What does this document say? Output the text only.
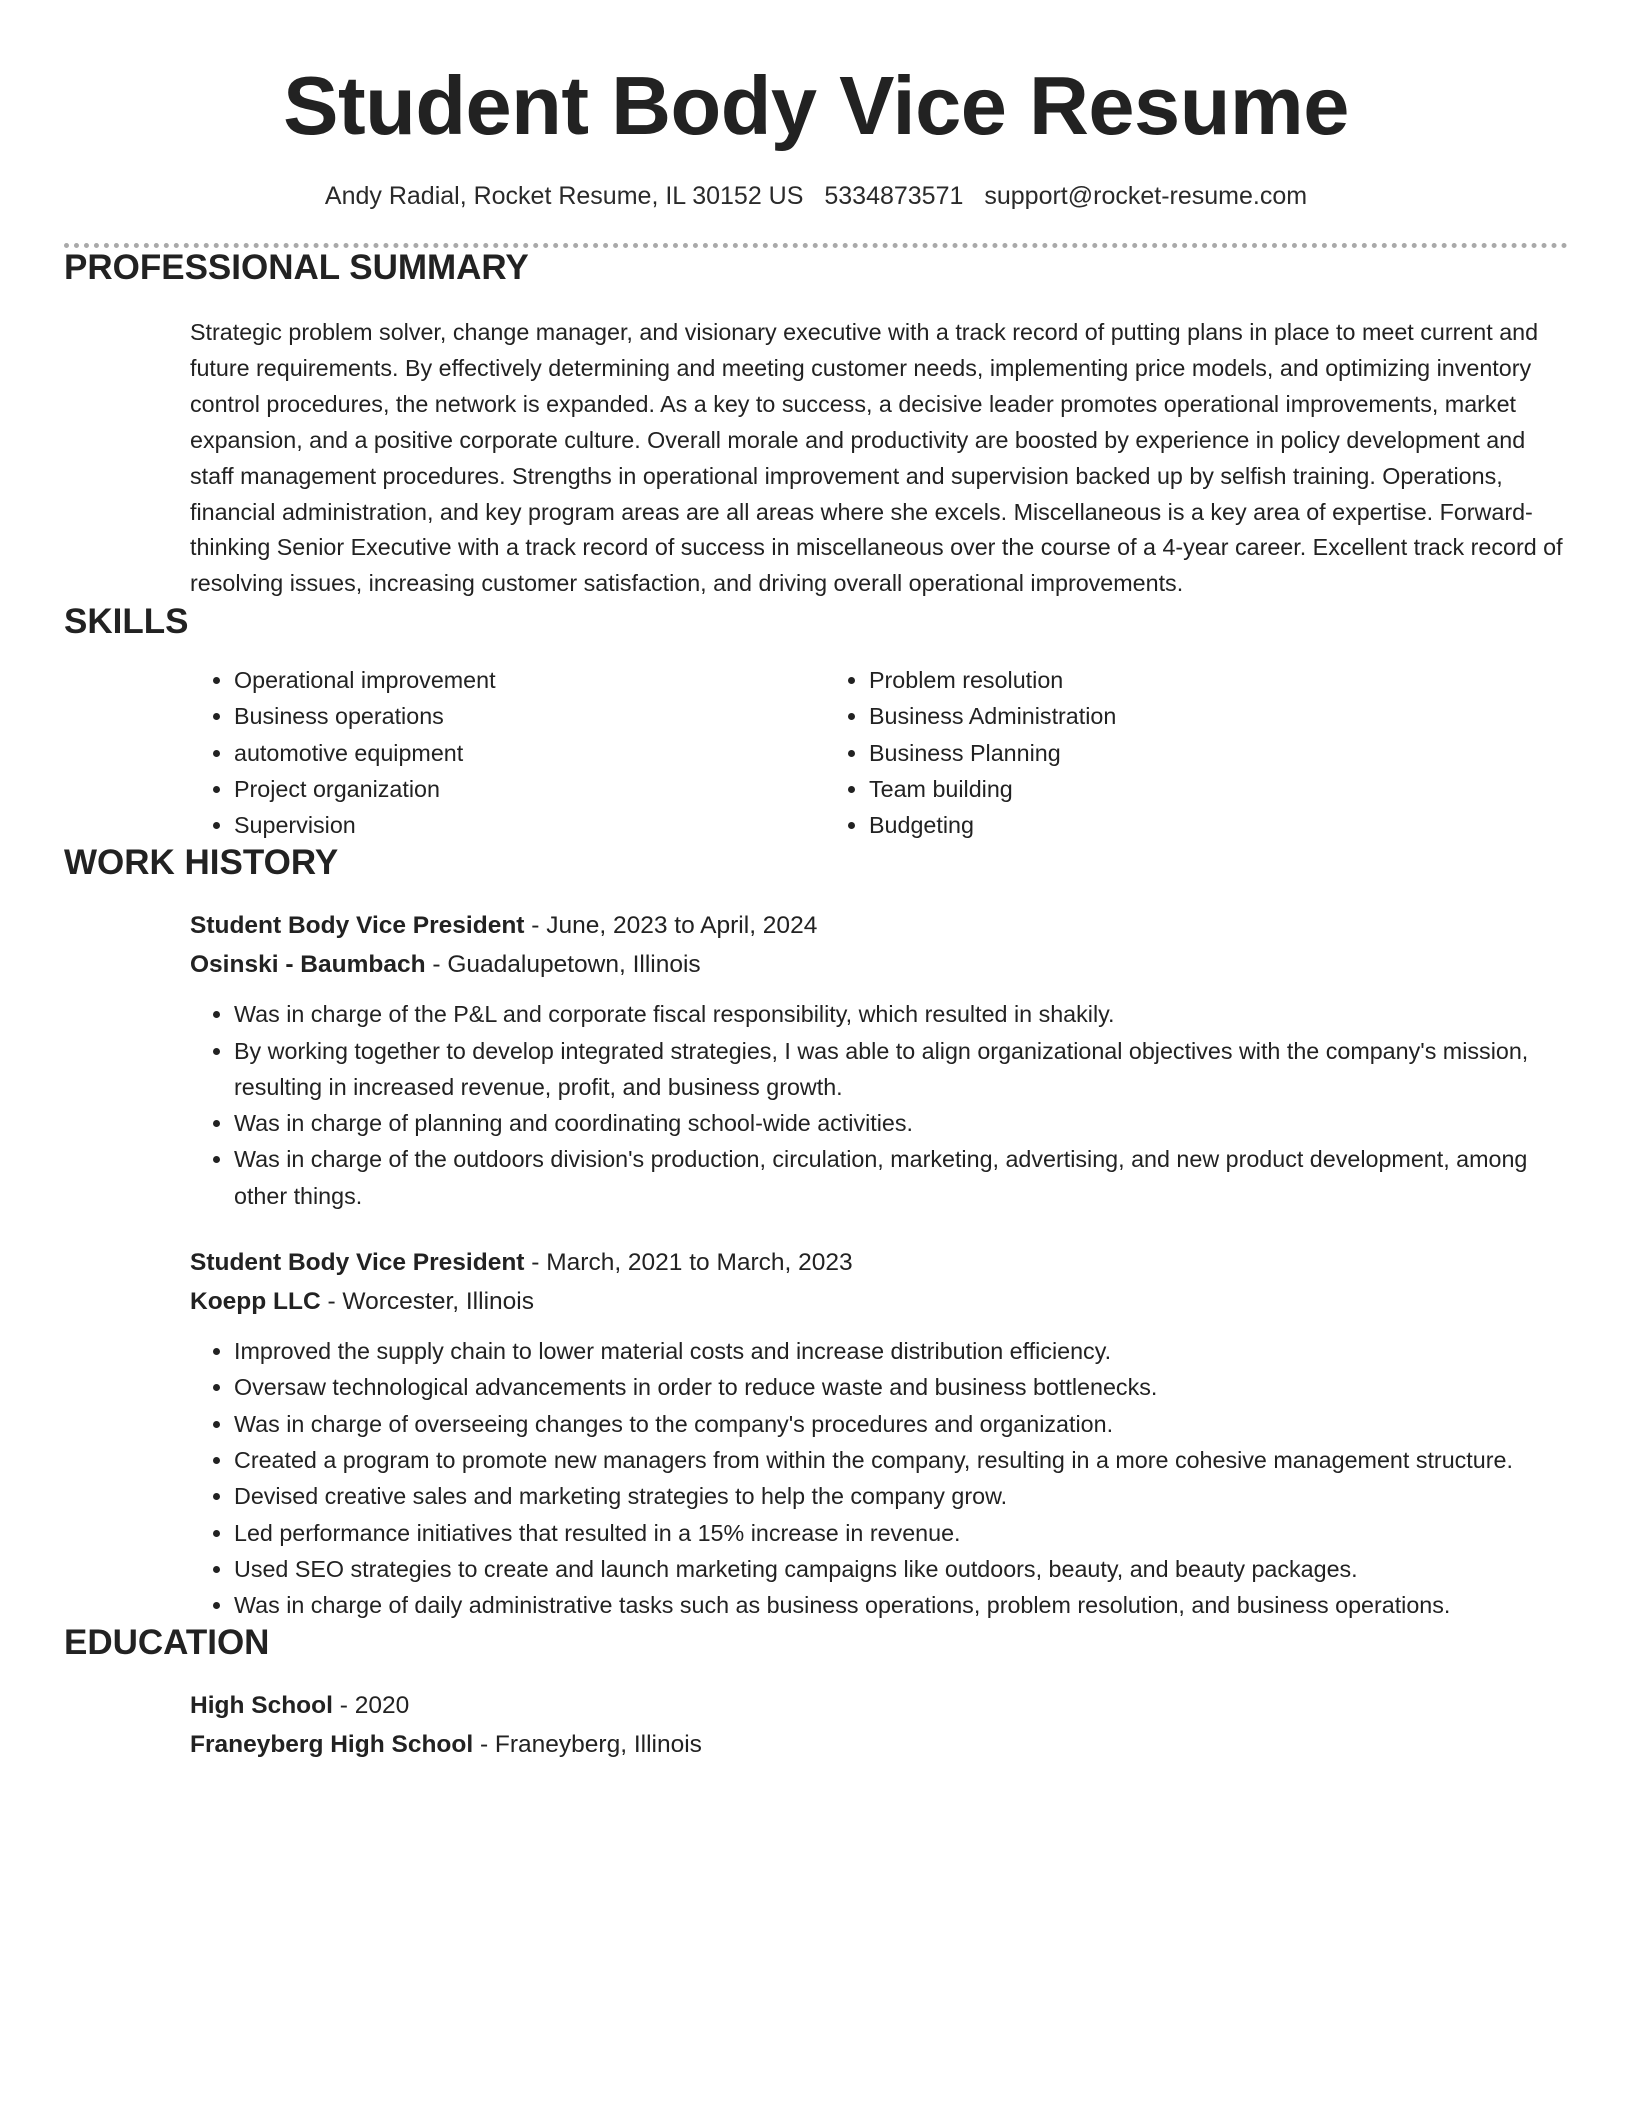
Student Body Vice Resume
Andy Radial, Rocket Resume, IL 30152 US 5334873571 support@rocket-resume.com
PROFESSIONAL SUMMARY

Strategic problem solver, change manager, and visionary executive with a track record of putting plans in place to meet current and future requirements. By effectively determining and meeting customer needs, implementing price models, and optimizing inventory control procedures, the network is expanded. As a key to success, a decisive leader promotes operational improvements, market expansion, and a positive corporate culture. Overall morale and productivity are boosted by experience in policy development and staff management procedures. Strengths in operational improvement and supervision backed up by selfish training. Operations, financial administration, and key program areas are all areas where she excels. Miscellaneous is a key area of expertise. Forward-thinking Senior Executive with a track record of success in miscellaneous over the course of a 4-year career. Excellent track record of resolving issues, increasing customer satisfaction, and driving overall operational improvements.

SKILLS
• Operational improvement
• Business operations
• automotive equipment
• Project organization
• Supervision
• Problem resolution
• Business Administration
• Business Planning
• Team building
• Budgeting
WORK HISTORY
Student Body Vice President - June, 2023 to April, 2024
Osinski - Baumbach - Guadalupetown, Illinois
• Was in charge of the P&L and corporate fiscal responsibility, which resulted in shakily.
• By working together to develop integrated strategies, I was able to align organizational objectives with the company's mission, resulting in increased revenue, profit, and business growth.
• Was in charge of planning and coordinating school-wide activities.
• Was in charge of the outdoors division's production, circulation, marketing, advertising, and new product development, among other things.
Student Body Vice President - March, 2021 to March, 2023
Koepp LLC - Worcester, Illinois
• Improved the supply chain to lower material costs and increase distribution efficiency.
• Oversaw technological advancements in order to reduce waste and business bottlenecks.
• Was in charge of overseeing changes to the company's procedures and organization.
• Created a program to promote new managers from within the company, resulting in a more cohesive management structure.
• Devised creative sales and marketing strategies to help the company grow.
• Led performance initiatives that resulted in a 15% increase in revenue.
• Used SEO strategies to create and launch marketing campaigns like outdoors, beauty, and beauty packages.
• Was in charge of daily administrative tasks such as business operations, problem resolution, and business operations.
EDUCATION
High School - 2020
Franeyberg High School - Franeyberg, Illinois
